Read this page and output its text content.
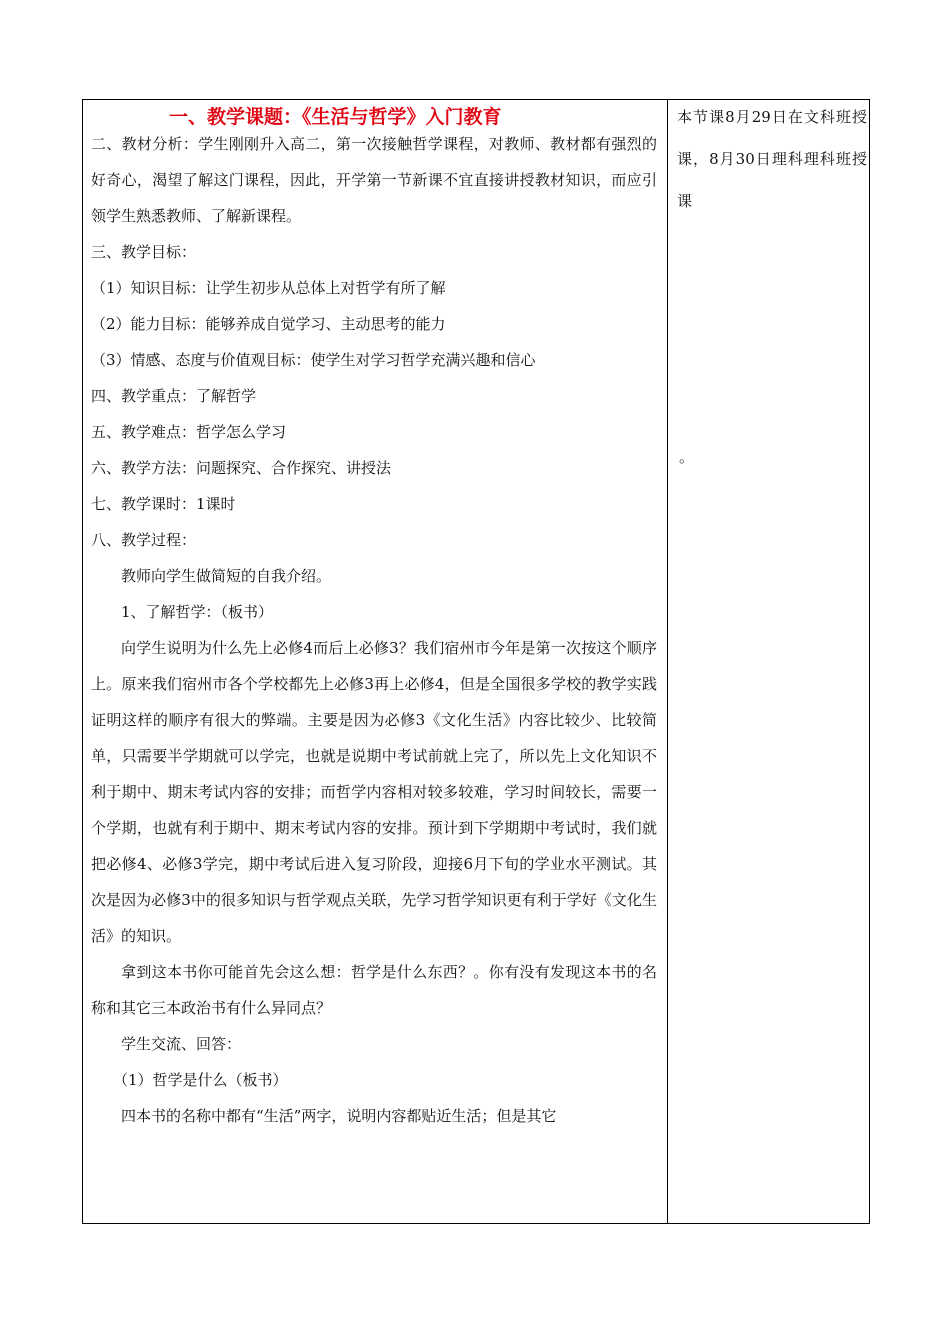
一、教学课题：《生活与哲学》入门教育

二、教材分析：学生刚刚升入高二，第一次接触哲学课程，对教师、教材都有强烈的好奇心，渴望了解这门课程，因此，开学第一节新课不宜直接讲授教材知识，而应引领学生熟悉教师、了解新课程。

三、教学目标：

（1）知识目标：让学生初步从总体上对哲学有所了解

（2）能力目标：能够养成自觉学习、主动思考的能力

（3）情感、态度与价值观目标：使学生对学习哲学充满兴趣和信心

四、教学重点：了解哲学

五、教学难点：哲学怎么学习

六、教学方法：问题探究、合作探究、讲授法

七、教学课时：1课时

八、教学过程：

教师向学生做简短的自我介绍。

1、了解哲学：（板书）

向学生说明为什么先上必修4而后上必修3？我们宿州市今年是第一次按这个顺序上。原来我们宿州市各个学校都先上必修3再上必修4，但是全国很多学校的教学实践证明这样的顺序有很大的弊端。主要是因为必修3《文化生活》内容比较少、比较简单，只需要半学期就可以学完，也就是说期中考试前就上完了，所以先上文化知识不利于期中、期末考试内容的安排；而哲学内容相对较多较难，学习时间较长，需要一个学期，也就有利于期中、期末考试内容的安排。预计到下学期期中考试时，我们就把必修4、必修3学完，期中考试后进入复习阶段，迎接6月下旬的学业水平测试。其次是因为必修3中的很多知识与哲学观点关联，先学习哲学知识更有利于学好《文化生活》的知识。

拿到这本书你可能首先会这么想：哲学是什么东西？。你有没有发现这本书的名称和其它三本政治书有什么异同点？

学生交流、回答：

（1）哲学是什么（板书）

四本书的名称中都有“生活”两字，说明内容都贴近生活；但是其它

本节课8月29日在文科班授课，8月30日理科理科班授课

。
